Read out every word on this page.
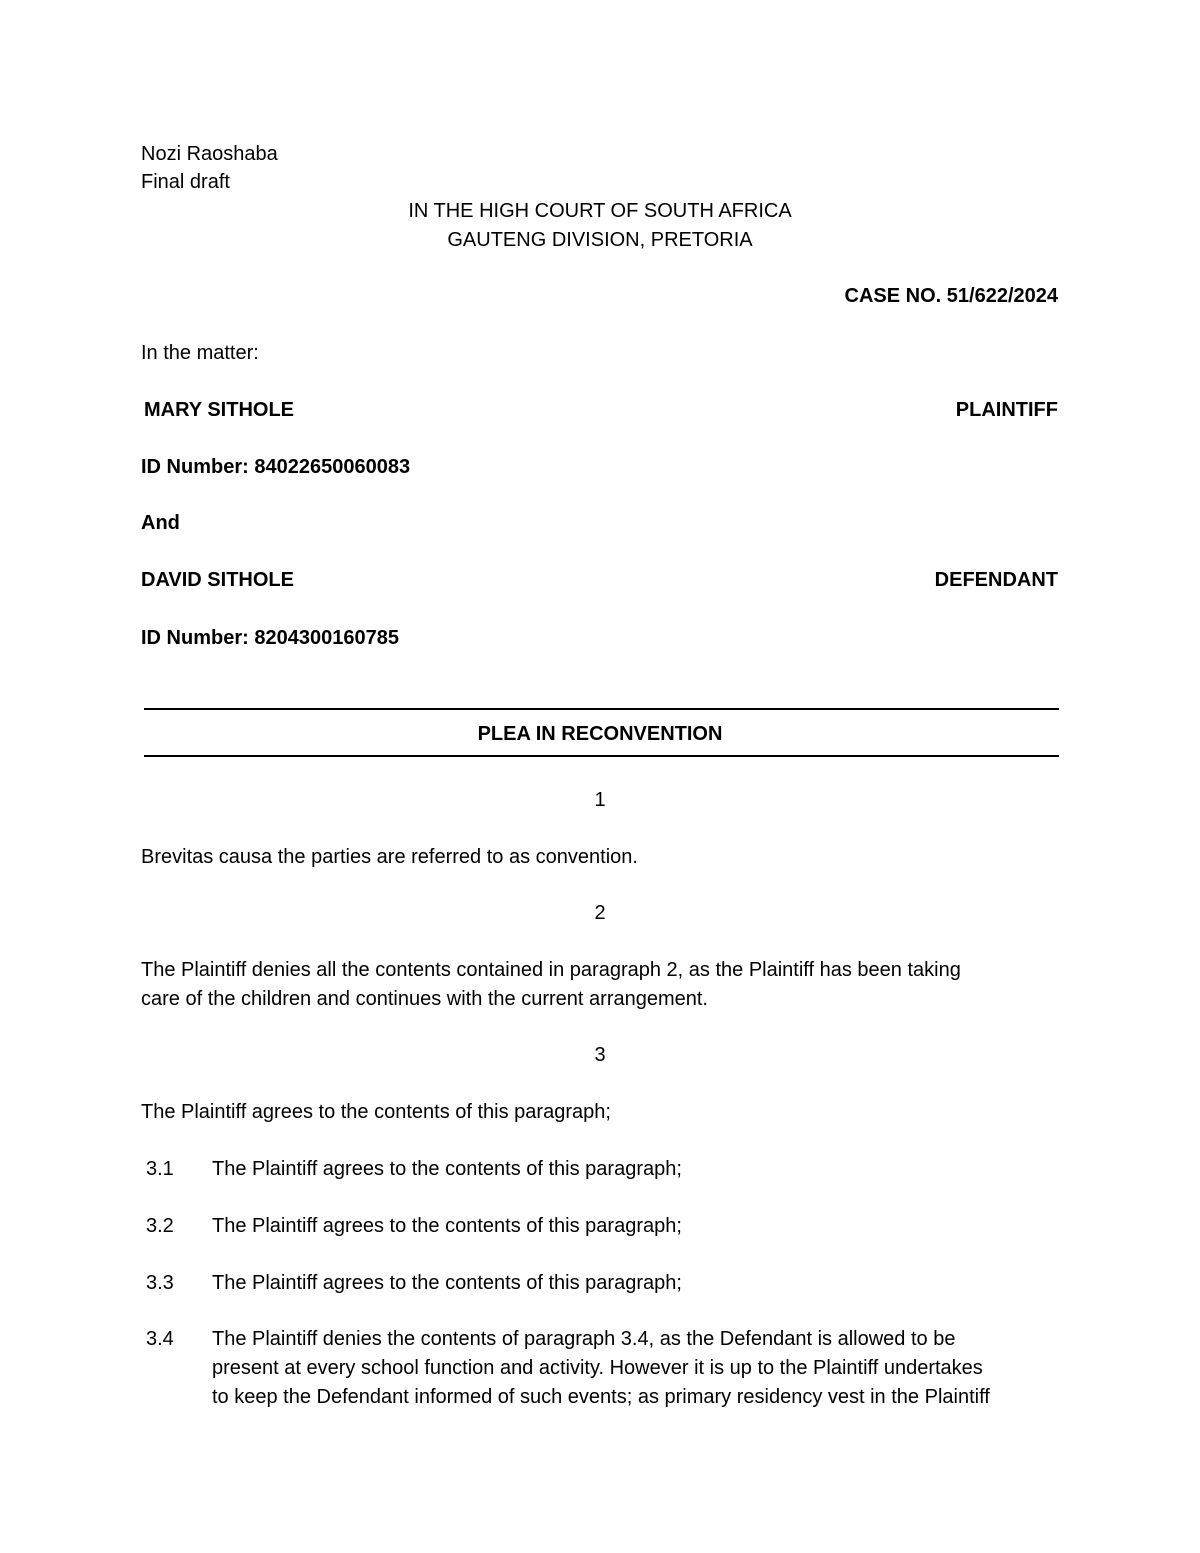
Nozi Raoshaba
Final draft
IN THE HIGH COURT OF SOUTH AFRICA
GAUTENG DIVISION, PRETORIA
CASE NO. 51/622/2024
In the matter:
MARY SITHOLE	PLAINTIFF
ID Number: 84022650060083
And
DAVID SITHOLE	DEFENDANT
ID Number: 8204300160785
PLEA IN RECONVENTION
1
Brevitas causa the parties are referred to as convention.
2
The Plaintiff denies all the contents contained in paragraph 2, as the Plaintiff has been taking
care of the children and continues with the current arrangement.
3
The Plaintiff agrees to the contents of this paragraph;
3.1 The Plaintiff agrees to the contents of this paragraph;
3.2 The Plaintiff agrees to the contents of this paragraph;
3.3 The Plaintiff agrees to the contents of this paragraph;
3.4 The Plaintiff denies the contents of paragraph 3.4, as the Defendant is allowed to be
present at every school function and activity. However it is up to the Plaintiff undertakes
to keep the Defendant informed of such events; as primary residency vest in the Plaintiff
